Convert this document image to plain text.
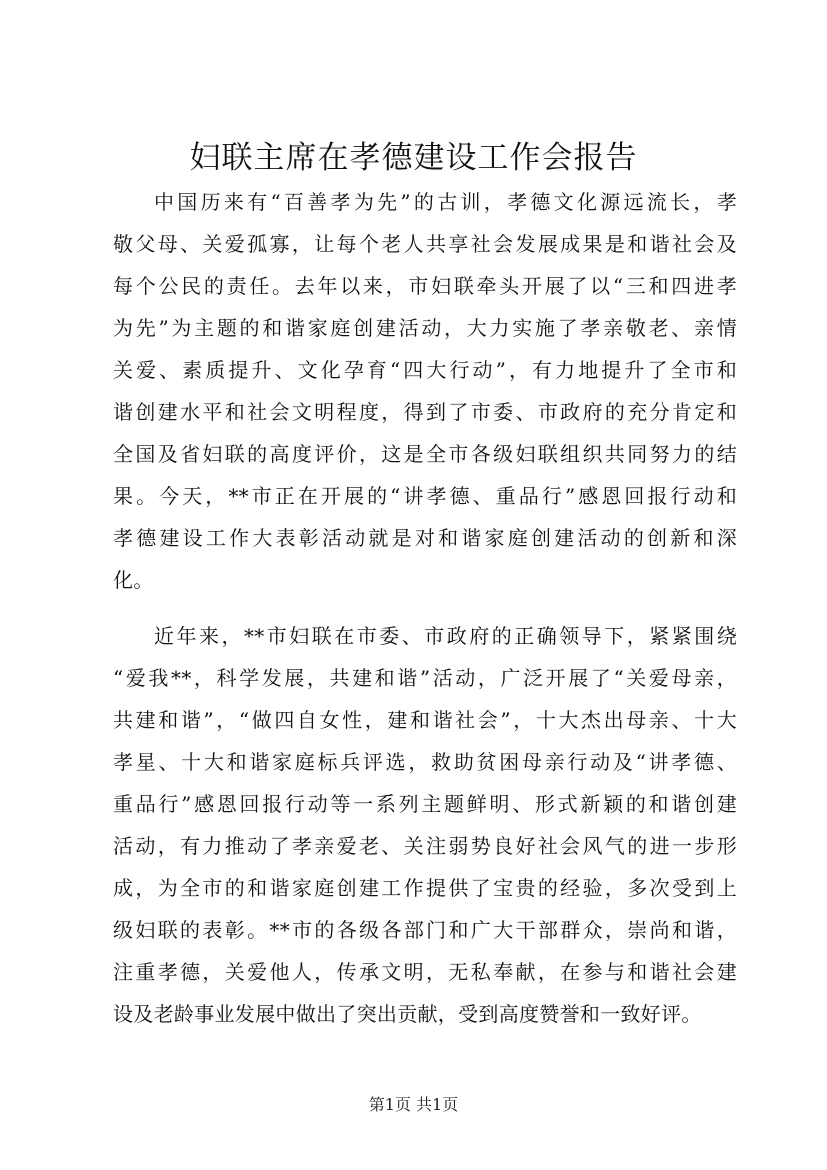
妇联主席在孝德建设工作会报告
中国历来有“百善孝为先”的古训，孝德文化源远流长，孝
敬父母、关爱孤寡，让每个老人共享社会发展成果是和谐社会及
每个公民的责任。去年以来，市妇联牵头开展了以“三和四进孝
为先”为主题的和谐家庭创建活动，大力实施了孝亲敬老、亲情
关爱、素质提升、文化孕育“四大行动”，有力地提升了全市和
谐创建水平和社会文明程度，得到了市委、市政府的充分肯定和
全国及省妇联的高度评价，这是全市各级妇联组织共同努力的结
果。今天，**市正在开展的“讲孝德、重品行”感恩回报行动和
孝德建设工作大表彰活动就是对和谐家庭创建活动的创新和深
化。
近年来，**市妇联在市委、市政府的正确领导下，紧紧围绕
“爱我**，科学发展，共建和谐”活动，广泛开展了“关爱母亲，
共建和谐”，“做四自女性，建和谐社会”，十大杰出母亲、十大
孝星、十大和谐家庭标兵评选，救助贫困母亲行动及“讲孝德、
重品行”感恩回报行动等一系列主题鲜明、形式新颖的和谐创建
活动，有力推动了孝亲爱老、关注弱势良好社会风气的进一步形
成，为全市的和谐家庭创建工作提供了宝贵的经验，多次受到上
级妇联的表彰。**市的各级各部门和广大干部群众，崇尚和谐，
注重孝德，关爱他人，传承文明，无私奉献，在参与和谐社会建
设及老龄事业发展中做出了突出贡献，受到高度赞誉和一致好评。
第1页 共1页
